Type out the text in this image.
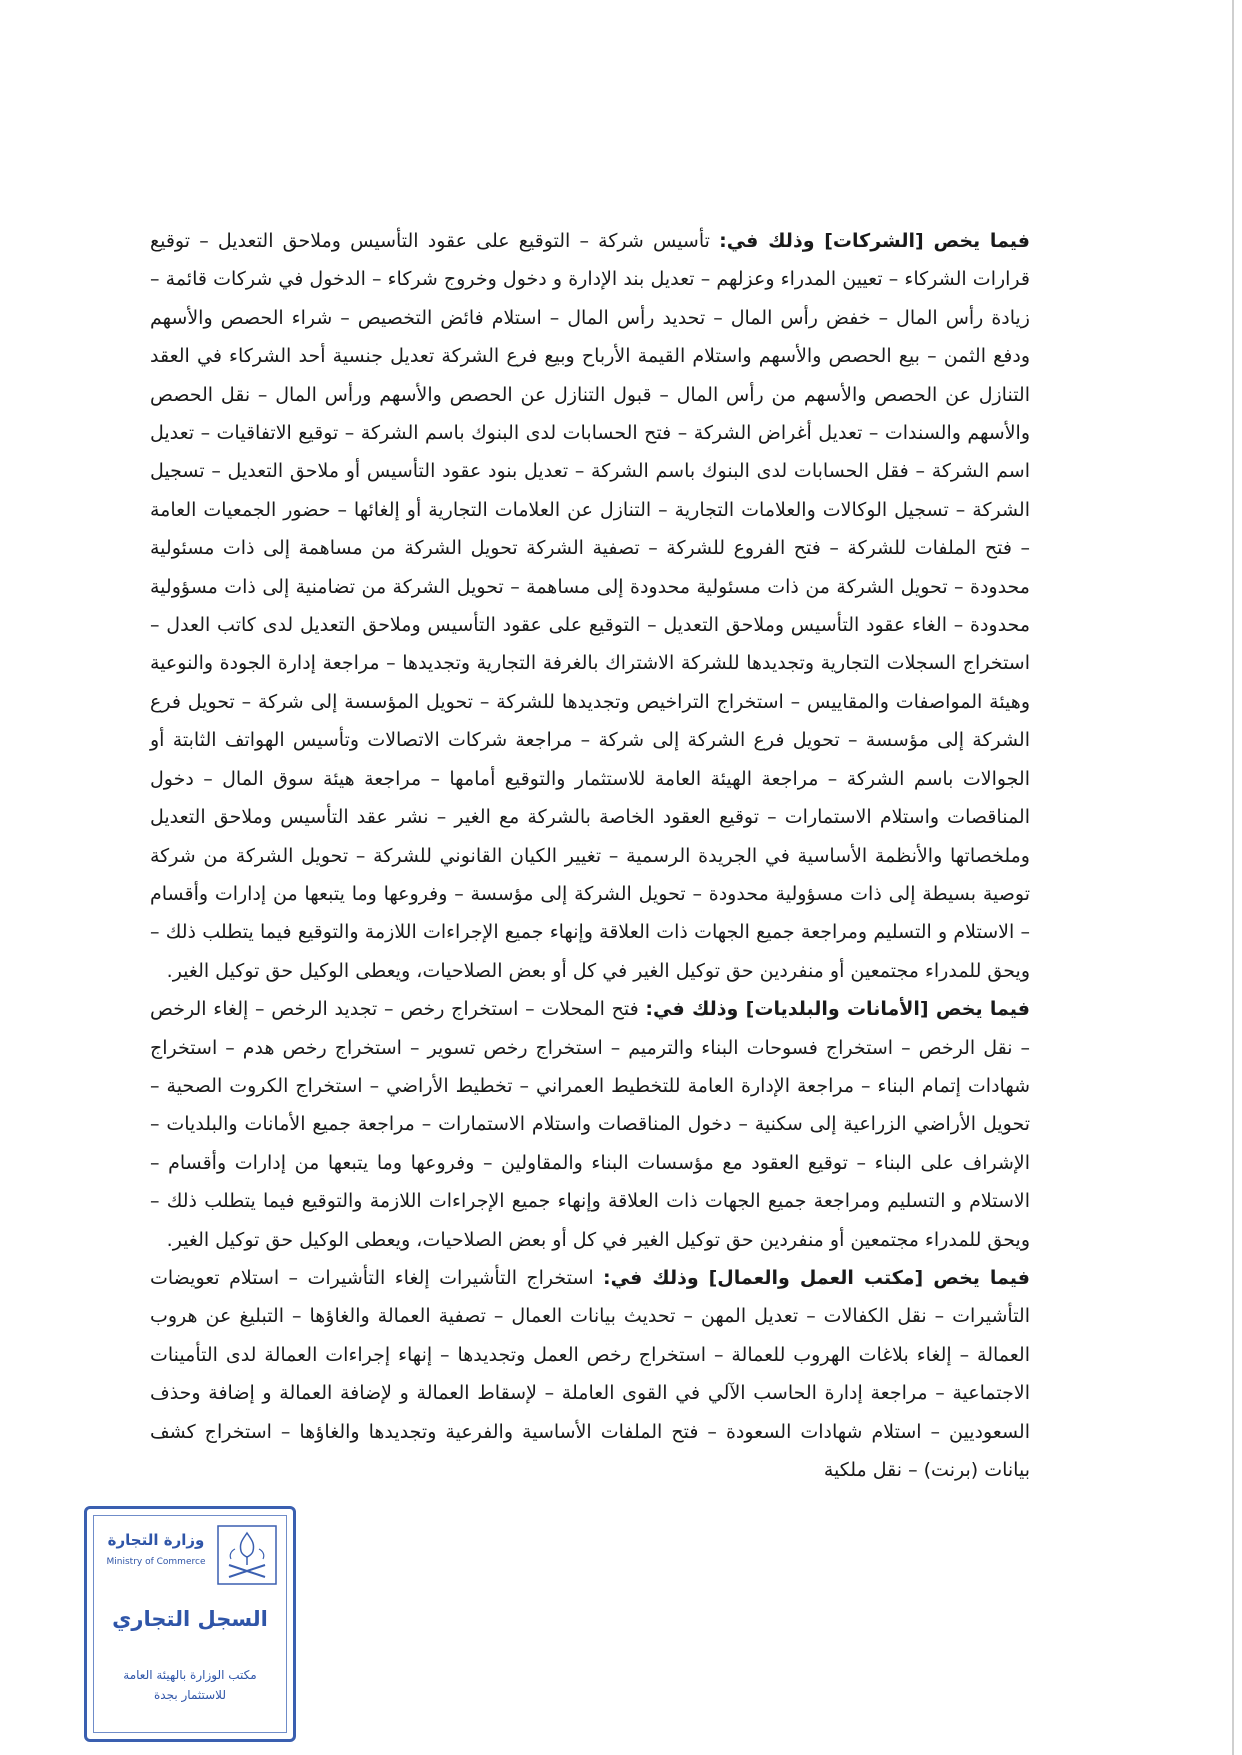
فيما يخص [الشركات] وذلك في: تأسيس شركة – التوقيع على عقود التأسيس وملاحق التعديل – توقيع قرارات الشركاء – تعيين المدراء وعزلهم – تعديل بند الإدارة و دخول وخروج شركاء – الدخول في شركات قائمة – زيادة رأس المال – خفض رأس المال – تحديد رأس المال – استلام فائض التخصيص – شراء الحصص والأسهم ودفع الثمن – بيع الحصص والأسهم واستلام القيمة الأرباح وبيع فرع الشركة تعديل جنسية أحد الشركاء في العقد التنازل عن الحصص والأسهم من رأس المال – قبول التنازل عن الحصص والأسهم ورأس المال – نقل الحصص والأسهم والسندات – تعديل أغراض الشركة – فتح الحسابات لدى البنوك باسم الشركة – توقيع الاتفاقيات – تعديل اسم الشركة – فقل الحسابات لدى البنوك باسم الشركة – تعديل بنود عقود التأسيس أو ملاحق التعديل – تسجيل الشركة – تسجيل الوكالات والعلامات التجارية – التنازل عن العلامات التجارية أو إلغائها – حضور الجمعيات العامة – فتح الملفات للشركة – فتح الفروع للشركة – تصفية الشركة تحويل الشركة من مساهمة إلى ذات مسئولية محدودة – تحويل الشركة من ذات مسئولية محدودة إلى مساهمة – تحويل الشركة من تضامنية إلى ذات مسؤولية محدودة – الغاء عقود التأسيس وملاحق التعديل – التوقيع على عقود التأسيس وملاحق التعديل لدى كاتب العدل – استخراج السجلات التجارية وتجديدها للشركة الاشتراك بالغرفة التجارية وتجديدها – مراجعة إدارة الجودة والنوعية وهيئة المواصفات والمقاييس – استخراج التراخيص وتجديدها للشركة – تحويل المؤسسة إلى شركة – تحويل فرع الشركة إلى مؤسسة – تحويل فرع الشركة إلى شركة – مراجعة شركات الاتصالات وتأسيس الهواتف الثابتة أو الجوالات باسم الشركة – مراجعة الهيئة العامة للاستثمار والتوقيع أمامها – مراجعة هيئة سوق المال – دخول المناقصات واستلام الاستمارات – توقيع العقود الخاصة بالشركة مع الغير – نشر عقد التأسيس وملاحق التعديل وملخصاتها والأنظمة الأساسية في الجريدة الرسمية – تغيير الكيان القانوني للشركة – تحويل الشركة من شركة توصية بسيطة إلى ذات مسؤولية محدودة – تحويل الشركة إلى مؤسسة – وفروعها وما يتبعها من إدارات وأقسام – الاستلام و التسليم ومراجعة جميع الجهات ذات العلاقة وإنهاء جميع الإجراءات اللازمة والتوقيع فيما يتطلب ذلك – ويحق للمدراء مجتمعين أو منفردين حق توكيل الغير في كل أو بعض الصلاحيات، ويعطى الوكيل حق توكيل الغير.

فيما يخص [الأمانات والبلديات] وذلك في: فتح المحلات – استخراج رخص – تجديد الرخص – إلغاء الرخص – نقل الرخص – استخراج فسوحات البناء والترميم – استخراج رخص تسوير – استخراج رخص هدم – استخراج شهادات إتمام البناء – مراجعة الإدارة العامة للتخطيط العمراني – تخطيط الأراضي – استخراج الكروت الصحية – تحويل الأراضي الزراعية إلى سكنية – دخول المناقصات واستلام الاستمارات – مراجعة جميع الأمانات والبلديات – الإشراف على البناء – توقيع العقود مع مؤسسات البناء والمقاولين – وفروعها وما يتبعها من إدارات وأقسام – الاستلام و التسليم ومراجعة جميع الجهات ذات العلاقة وإنهاء جميع الإجراءات اللازمة والتوقيع فيما يتطلب ذلك – ويحق للمدراء مجتمعين أو منفردين حق توكيل الغير في كل أو بعض الصلاحيات، ويعطى الوكيل حق توكيل الغير.

فيما يخص [مكتب العمل والعمال] وذلك في: استخراج التأشيرات إلغاء التأشيرات – استلام تعويضات التأشيرات – نقل الكفالات – تعديل المهن – تحديث بيانات العمال – تصفية العمالة والغاؤها – التبليغ عن هروب العمالة – إلغاء بلاغات الهروب للعمالة – استخراج رخص العمل وتجديدها – إنهاء إجراءات العمالة لدى التأمينات الاجتماعية – مراجعة إدارة الحاسب الآلي في القوى العاملة – لإسقاط العمالة و لإضافة العمالة و إضافة وحذف السعوديين – استلام شهادات السعودة – فتح الملفات الأساسية والفرعية وتجديدها والغاؤها – استخراج كشف بيانات (برنت) – نقل ملكية

وزارة التجارة
Ministry of Commerce
السجل التجاري
مكتب الوزارة بالهيئة العامة
للاستثمار بجدة
